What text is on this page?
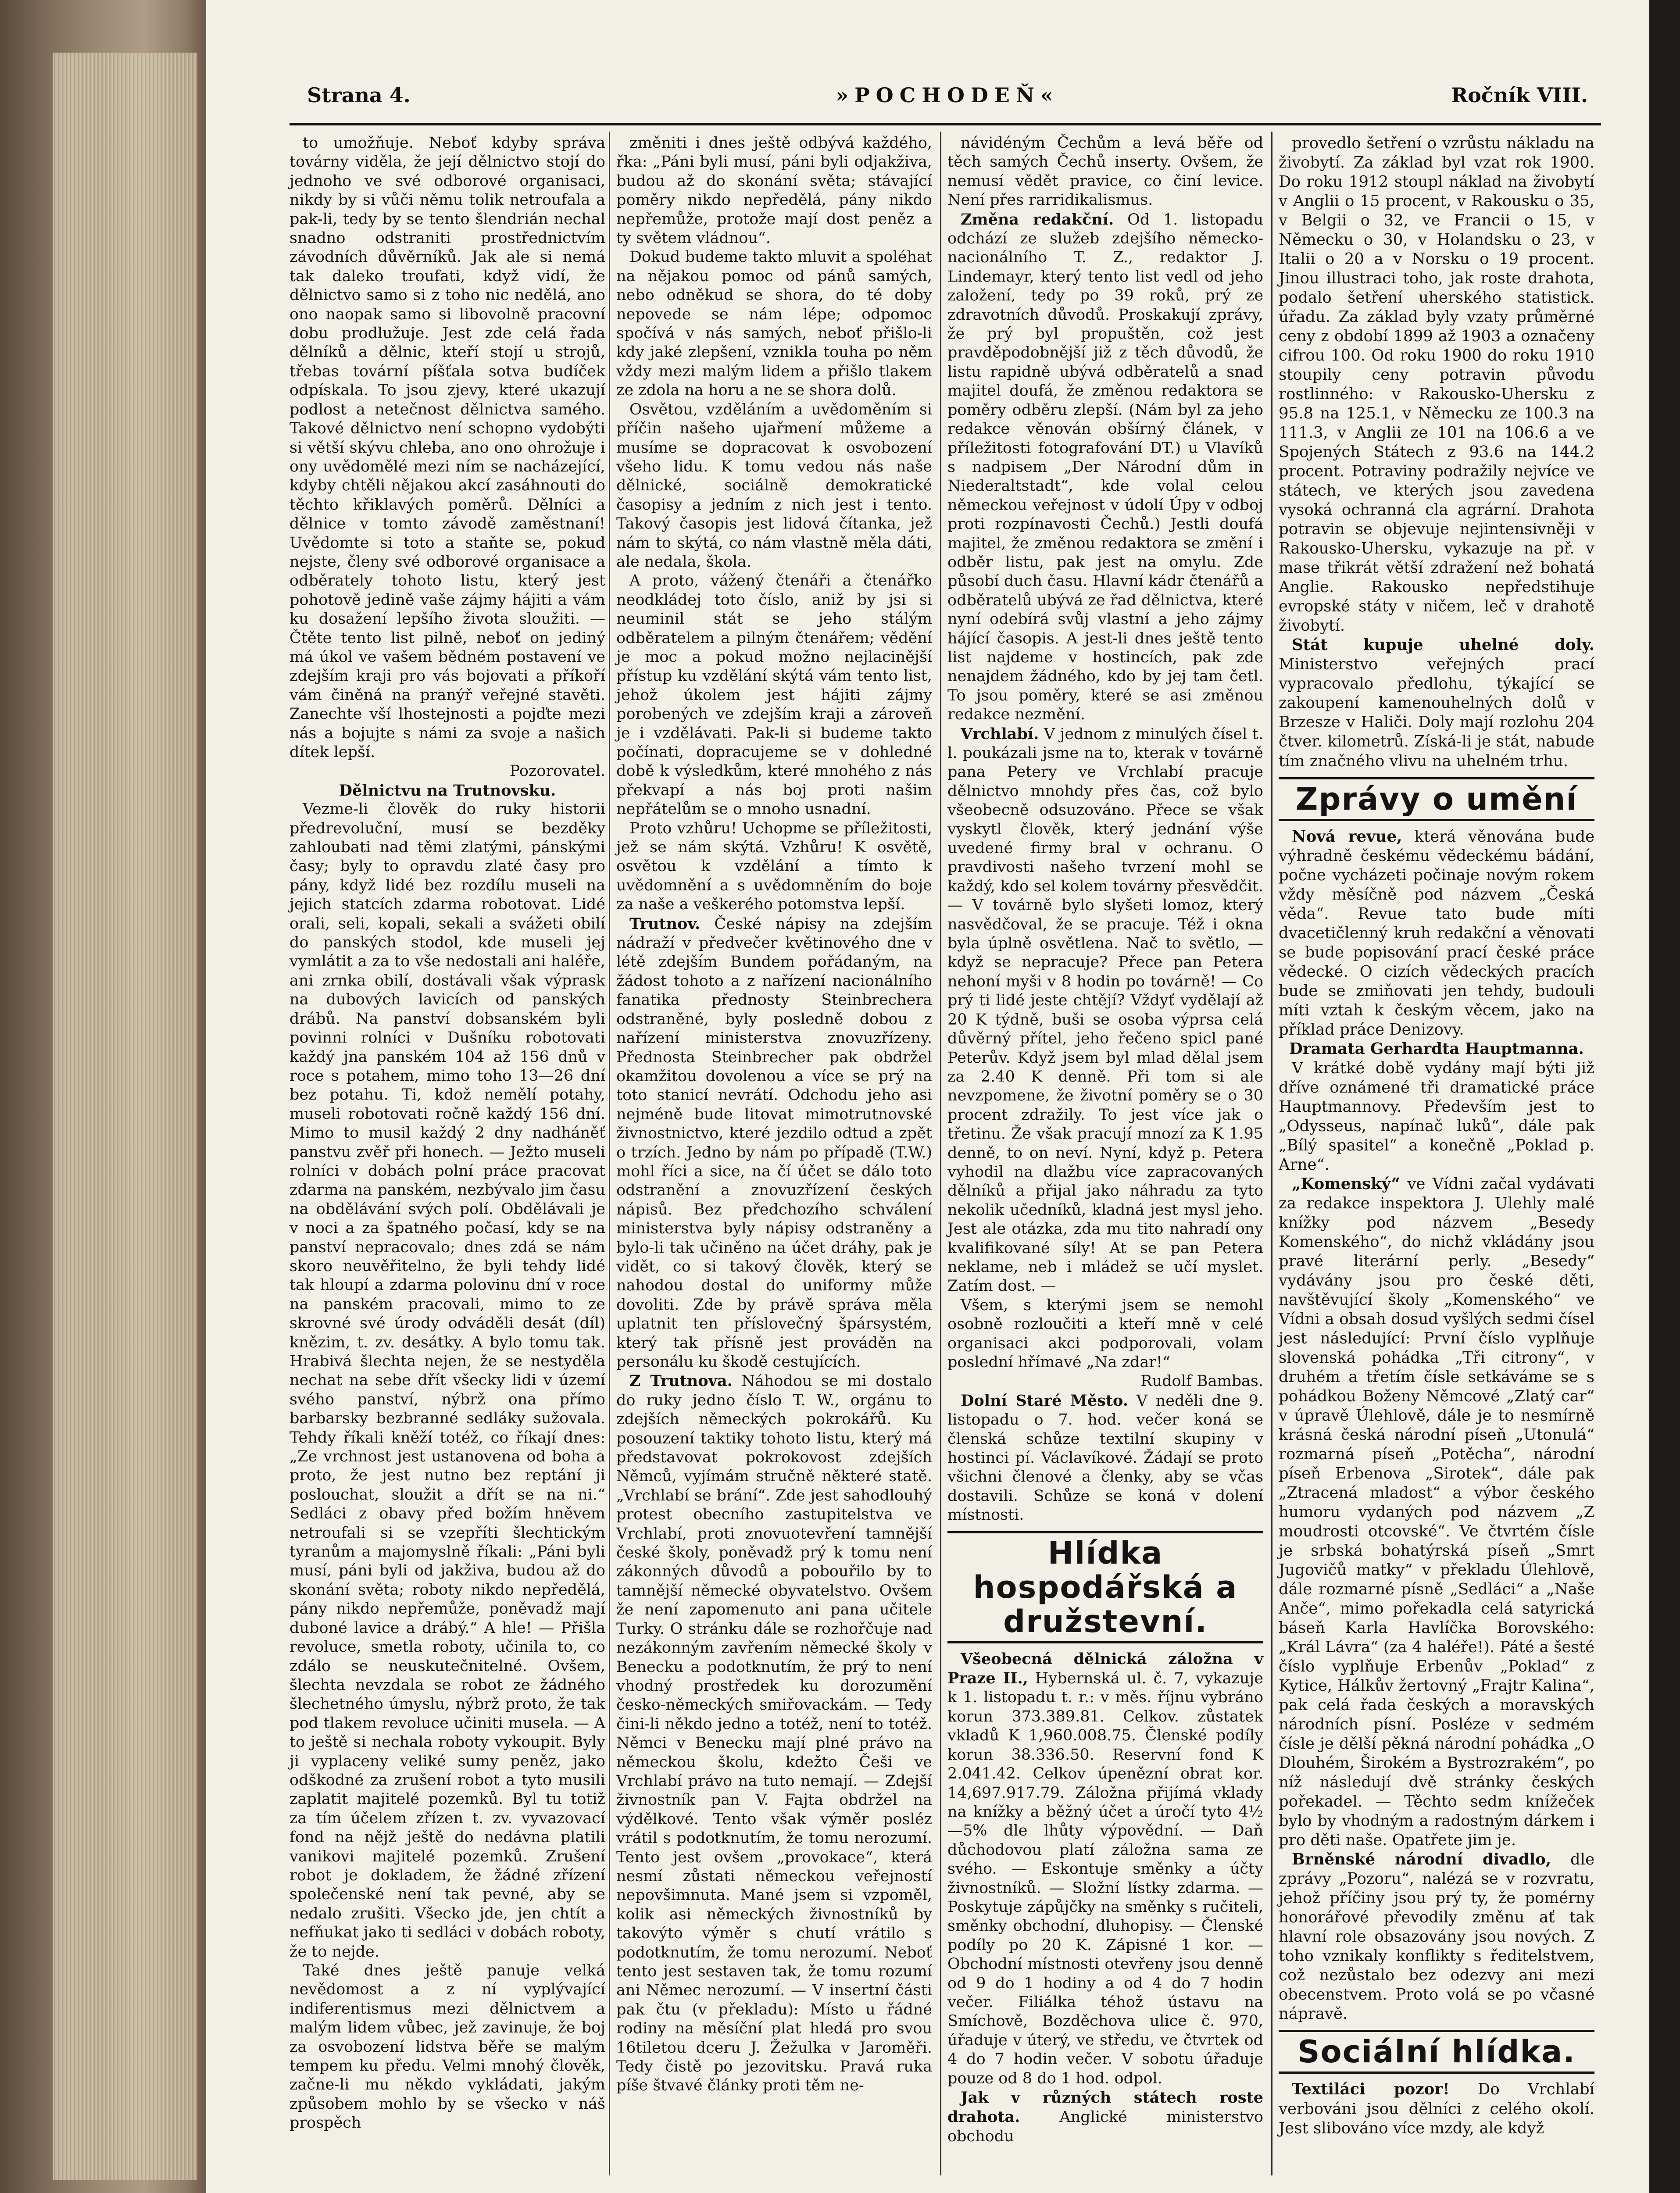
Strana 4.	»POCHODEŇ«	Ročník VIII.

to umožňuje. Neboť kdyby správa továrny viděla, že její dělnictvo stojí do jednoho ve své odborové organisaci, nikdy by si vůči němu tolik netroufala a pak-li, tedy by se tento šlendrián nechal snadno odstraniti prostřednictvím závodních důvěrníků. Jak ale si nemá tak daleko troufati, když vidí, že dělnictvo samo si z toho nic nedělá, ano ono naopak samo si libovolně pracovní dobu prodlužuje. Jest zde celá řada dělníků a dělnic, kteří stojí u strojů, třebas tovární píšťala sotva budíček odpískala. To jsou zjevy, které ukazují podlost a netečnost dělnictva samého. Takové dělnictvo není schopno vydobýti si větší skývu chleba, ano ono ohrožuje i ony uvědomělé mezi ním se nacházející, kdyby chtěli nějakou akcí zasáhnouti do těchto křiklavých poměrů. Dělníci a dělnice v tomto závodě zaměstnaní! Uvědomte si toto a staňte se, pokud nejste, členy své odborové organisace a odběrately tohoto listu, který jest pohotově jedině vaše zájmy hájiti a vám ku dosažení lepšího života sloužiti. — Čtěte tento list pilně, neboť on jediný má úkol ve vašem bědném postavení ve zdejším kraji pro vás bojovati a příkoří vám činěná na pranýř veřejné stavěti. Zanechte vší lhostejnosti a pojďte mezi nás a bojujte s námi za svoje a našich dítek lepší.

Pozorovatel.

Dělnictvu na Trutnovsku.

Vezme-li člověk do ruky historii předrevoluční, musí se bezděky zahloubati nad těmi zlatými, pánskými časy; byly to opravdu zlaté časy pro pány, když lidé bez rozdílu museli na jejich statcích zdarma robotovat. Lidé orali, seli, kopali, sekali a svážeti obilí do panských stodol, kde museli jej vymlátit a za to vše nedostali ani haléře, ani zrnka obilí, dostávali však výprask na dubových lavicích od panských drábů. Na panství dobsanském byli povinni rolníci v Dušníku robotovati každý jna panském 104 až 156 dnů v roce s potahem, mimo toho 13—26 dní bez potahu. Ti, kdož nemělí potahy, museli robotovati ročně každý 156 dní. Mimo to musil každý 2 dny nadháněť panstvu zvěř při honech. — Ježto museli rolníci v dobách polní práce pracovat zdarma na panském, nezbývalo jim času na obdělávání svých polí. Obdělávali je v noci a za špatného počasí, kdy se na panství nepracovalo; dnes zdá se nám skoro neuvěřitelno, že byli tehdy lidé tak hloupí a zdarma polovinu dní v roce na panském pracovali, mimo to ze skrovné své úrody odváděli desát (díl) knězim, t. zv. desátky. A bylo tomu tak. Hrabivá šlechta nejen, že se nestyděla nechat na sebe dřít všecky lidi v území svého panství, nýbrž ona přímo barbarsky bezbranné sedláky sužovala. Tehdy říkali kněží totéž, co říkají dnes: „Ze vrchnost jest ustanovena od boha a proto, že jest nutno bez reptání ji poslouchat, sloužit a dřít se na ni.“ Sedláci z obavy před božím hněvem netroufali si se vzepříti šlechtickým tyranům a majomyslně říkali: „Páni byli musí, páni byli od jakživa, budou až do skonání světa; roboty nikdo nepředělá, pány nikdo nepřemůže, poněvadž mají duboné lavice a drábý.“ A hle! — Přišla revoluce, smetla roboty, učinila to, co zdálo se neuskutečnitelné. Ovšem, šlechta nevzdala se robot ze žádného šlechetného úmyslu, nýbrž proto, že tak pod tlakem revoluce učiniti musela. — A to ještě si nechala roboty vykoupit. Byly ji vyplaceny veliké sumy peněz, jako odškodné za zrušení robot a tyto musili zaplatit majitelé pozemků. Byl tu totiž za tím účelem zřízen t. zv. vyvazovací fond na nějž ještě do nedávna platili vanikovi majitelé pozemků. Zrušení robot je dokladem, že žádné zřízení společenské není tak pevné, aby se nedalo zrušiti. Všecko jde, jen chtít a nefňukat jako ti sedláci v dobách roboty, že to nejde.

Také dnes ještě panuje velká nevědomost a z ní vyplývající indiferentismus mezi dělnictvem a malým lidem vůbec, jež zavinuje, že boj za osvobození lidstva běře se malým tempem ku předu. Velmi mnohý člověk, začne-li mu někdo vykládati, jakým způsobem mohlo by se všecko v náš prospěch

změniti i dnes ještě odbývá každého, řka: „Páni byli musí, páni byli odjakživa, budou až do skonání světa; stávající poměry nikdo nepředělá, pány nikdo nepřemůže, protože mají dost peněz a ty světem vládnou“.

Dokud budeme takto mluvit a spoléhat na nějakou pomoc od pánů samých, nebo odněkud se shora, do té doby nepovede se nám lépe; odpomoc spočívá v nás samých, neboť přišlo-li kdy jaké zlepšení, vznikla touha po něm vždy mezi malým lidem a přišlo tlakem ze zdola na horu a ne se shora dolů.

Osvětou, vzděláním a uvědoměním si příčin našeho ujařmení můžeme a musíme se dopracovat k osvobození všeho lidu. K tomu vedou nás naše dělnické, sociálně demokratické časopisy a jedním z nich jest i tento. Takový časopis jest lidová čítanka, jež nám to skýtá, co nám vlastně měla dáti, ale nedala, škola.

A proto, vážený čtenáři a čtenářko neodkládej toto číslo, aniž by jsi si neuminil stát se jeho stálým odběratelem a pilným čtenářem; vědění je moc a pokud možno nejlacinější přístup ku vzdělání skýtá vám tento list, jehož úkolem jest hájiti zájmy porobených ve zdejším kraji a zároveň je i vzdělávati. Pak-li si budeme takto počínati, dopracujeme se v dohledné době k výsledkům, které mnohého z nás překvapí a nás boj proti našim nepřátelům se o mnoho usnadní.

Proto vzhůru! Uchopme se příležitosti, jež se nám skýtá. Vzhůru! K osvětě, osvětou k vzdělání a tímto k uvědomnění a s uvědomněním do boje za naše a veškerého potomstva lepší.

Trutnov. České nápisy na zdejším nádraží v předvečer květinového dne v létě zdejším Bundem pořádaným, na žádost tohoto a z nařízení nacionálního fanatika přednosty Steinbrechera odstraněné, byly posledně dobou z nařízení ministerstva znovuzřízeny. Přednosta Steinbrecher pak obdržel okamžitou dovolenou a více se prý na toto stanicí nevrátí. Odchodu jeho asi nejméně bude litovat mimotrutnovské živnostnictvo, které jezdilo odtud a zpět o trzích. Jedno by nám po případě (T.W.) mohl říci a sice, na čí účet se dálo toto odstranění a znovuzřízení českých nápisů. Bez předchozího schválení ministerstva byly nápisy odstraněny a bylo-li tak učiněno na účet dráhy, pak je vidět, co si takový člověk, který se nahodou dostal do uniformy může dovoliti. Zde by právě správa měla uplatnit ten příslovečný špársystém, který tak přísně jest prováděn na personálu ku škodě cestujících.

Z Trutnova. Náhodou se mi dostalo do ruky jedno číslo T. W., orgánu to zdejších německých pokrokářů. Ku posouzení taktiky tohoto listu, který má představovat pokrokovost zdejších Němců, vyjímám stručně některé statě. „Vrchlabí se brání“. Zde jest sahodlouhý protest obecního zastupitelstva ve Vrchlabí, proti znovuotevření tamnější české školy, poněvadž prý k tomu není zákonných důvodů a pobouřilo by to tamnější německé obyvatelstvo. Ovšem že není zapomenuto ani pana učitele Turky. O stránku dále se rozhořčuje nad nezákonným zavřením německé školy v Benecku a podotknutím, že prý to není vhodný prostředek ku dorozumění česko-německých smiřovackám. — Tedy čini-li někdo jedno a totéž, není to totéž. Němci v Benecku mají plné právo na německou školu, kdežto Češi ve Vrchlabí právo na tuto nemají. — Zdejší živnostník pan V. Fajta obdržel na výdělkové. Tento však výměr posléz vrátil s podotknutím, že tomu nerozumí. Tento jest ovšem „provokace“, která nesmí zůstati německou veřejností nepovšimnuta. Mané jsem si vzpoměl, kolik asi německých živnostníků by takovýto výměr s chutí vrátilo s podotknutím, že tomu nerozumí. Neboť tento jest sestaven tak, že tomu rozumí ani Němec nerozumí. — V insertní části pak čtu (v překladu): Místo u řádné rodiny na měsíční plat hledá pro svou 16tiletou dceru J. Žežulka v Jaroměři. Tedy čistě po jezovitsku. Pravá ruka píše štvavé články proti těm ne-

návidéným Čechům a levá běře od těch samých Čechů inserty. Ovšem, že nemusí vědět pravice, co činí levice. Není přes rarridikalismus.

Změna redakční. Od 1. listopadu odchází ze služeb zdejšího německo-nacionálního T. Z., redaktor J. Lindemayr, který tento list vedl od jeho založení, tedy po 39 roků, prý ze zdravotních důvodů. Proskakují zprávy, že prý byl propuštěn, což jest pravděpodobnější již z těch důvodů, že listu rapidně ubývá odběratelů a snad majitel doufá, že změnou redaktora se poměry odběru zlepší. (Nám byl za jeho redakce věnován obšírný článek, v příležitosti fotografování DT.) u Vlavíků s nadpisem „Der Národní dům in Niederaltstadt“, kde volal celou německou veřejnost v údolí Úpy v odboj proti rozpínavosti Čechů.) Jestli doufá majitel, že změnou redaktora se změní i odběr listu, pak jest na omylu. Zde působí duch času. Hlavní kádr čtenářů a odběratelů ubývá ze řad dělnictva, které nyní odebírá svůj vlastní a jeho zájmy hájící časopis. A jest-li dnes ještě tento list najdeme v hostincích, pak zde nenajdem žádného, kdo by jej tam četl. To jsou poměry, které se asi změnou redakce nezmění.

Vrchlabí. V jednom z minulých čísel t. l. poukázali jsme na to, kterak v továrně pana Petery ve Vrchlabí pracuje dělnictvo mnohdy přes čas, což bylo všeobecně odsuzováno. Přece se však vyskytl člověk, který jednání výše uvedené firmy bral v ochranu. O pravdivosti našeho tvrzení mohl se každý, kdo sel kolem továrny přesvědčit. — V továrně bylo slyšeti lomoz, který nasvědčoval, že se pracuje. Též i okna byla úplně osvětlena. Nač to světlo, — když se nepracuje? Přece pan Petera nehoní myši v 8 hodin po továrně! — Co prý ti lidé jeste chtějí? Vždyť vydělají až 20 K týdně, buši se osoba výprsa celá důvěrný přítel, jeho řečeno spicl pané Peterův. Když jsem byl mlad dělal jsem za 2.40 K denně. Při tom si ale nevzpomene, že životní poměry se o 30 procent zdražily. To jest více jak o třetinu. Že však pracují mnozí za K 1.95 denně, to on neví. Nyní, když p. Petera vyhodil na dlažbu více zapracovaných dělníků a přijal jako náhradu za tyto nekolik učedníků, kladná jest mysl jeho. Jest ale otázka, zda mu tito nahradí ony kvalifikované síly! At se pan Petera neklame, neb i mládež se učí myslet. Zatím dost. —

Všem, s kterými jsem se nemohl osobně rozloučiti a kteří mně v celé organisaci akci podporovali, volam poslední hřímavé „Na zdar!“

Rudolf Bambas.

Dolní Staré Město. V neděli dne 9. listopadu o 7. hod. večer koná se členská schůze textilní skupiny v hostinci pí. Václavíkové. Žádají se proto všichni členové a členky, aby se včas dostavili. Schůze se koná v dolení místnosti.

Hlídka hospodářská a družstevní.

Všeobecná dělnická záložna v Praze II., Hybernská ul. č. 7, vykazuje k 1. listopadu t. r.: v měs. říjnu vybráno korun 373.389.81. Celkov. zůstatek vkladů K 1,960.008.75. Členské podíly korun 38.336.50. Reservní fond K 2.041.42. Celkov úpenězní obrat kor. 14,697.917.79. Záložna přijímá vklady na knížky a běžný účet a úročí tyto 4½—5% dle lhůty výpovědní. — Daň důchodovou platí záložna sama ze svého. — Eskontuje směnky a účty živnostníků. — Složní lístky zdarma. — Poskytuje zápůjčky na směnky s ručiteli, směnky obchodní, dluhopisy. — Členské podíly po 20 K. Zápisné 1 kor. — Obchodní místnosti otevřeny jsou denně od 9 do 1 hodiny a od 4 do 7 hodin večer. Filiálka téhož ústavu na Smíchově, Bozděchova ulice č. 970, úřaduje v úterý, ve středu, ve čtvrtek od 4 do 7 hodin večer. V sobotu úřaduje pouze od 8 do 1 hod. odpol.

Jak v různých státech roste drahota.	Anglické ministerstvo obchodu

provedlo šetření o vzrůstu nákladu na živobytí. Za základ byl vzat rok 1900. Do roku 1912 stoupl náklad na živobytí v Anglii o 15 procent, v Rakousku o 35, v Belgii o 32, ve Francii o 15, v Německu o 30, v Holandsku o 23, v Italii o 20 a v Norsku o 19 procent. Jinou illustraci toho, jak roste drahota, podalo šetření uherského statistick. úřadu. Za základ byly vzaty průměrné ceny z období 1899 až 1903 a označeny cifrou 100. Od roku 1900 do roku 1910 stoupily ceny potravin původu rostlinného: v Rakousko-Uhersku z 95.8 na 125.1, v Německu ze 100.3 na 111.3, v Anglii ze 101 na 106.6 a ve Spojených Státech z 93.6 na 144.2 procent. Potraviny podražily nejvíce ve státech, ve kterých jsou zavedena vysoká ochranná cla agrární. Drahota potravin se objevuje nejintensivněji v Rakousko-Uhersku, vykazuje na př. v mase třikrát větší zdražení než bohatá Anglie. Rakousko nepředstihuje evropské státy v ničem, leč v drahotě živobytí.

Stát kupuje uhelné doly. Ministerstvo veřejných prací vypracovalo předlohu, týkající se zakoupení kamenouhelných dolů v Brzesze v Haliči. Doly mají rozlohu 204 čtver. kilometrů. Získá-li je stát, nabude tím značného vlivu na uhelném trhu.

Zprávy o umění

Nová revue, která věnována bude výhradně českému vědeckému bádání, počne vycházeti počinaje novým rokem vždy měsíčně pod názvem „Česká věda“. Revue tato bude míti dvacetičlenný kruh redakční a věnovati se bude popisování prací české práce vědecké. O cizích vědeckých pracích bude se zmiňovati jen tehdy, budouli míti vztah k českým věcem, jako na příklad práce Denizovy.

Dramata Gerhardta Hauptmanna.

V krátké době vydány mají býti již dříve oznámené tři dramatické práce Hauptmannovy. Především jest to „Odysseus, napínač luků“, dále pak „Bílý spasitel“ a konečně „Poklad p. Arne“.

„Komenský“ ve Vídni začal vydávati za redakce inspektora J. Ulehly malé knížky pod názvem „Besedy Komenského“, do nichž vkládány jsou pravé literární perly. „Besedy“ vydávány jsou pro české děti, navštěvující školy „Komenského“ ve Vídni a obsah dosud vyšlých sedmi čísel jest následující: První číslo vyplňuje slovenská pohádka „Tři citrony“, v druhém a třetím čísle setkáváme se s pohádkou Boženy Němcové „Zlatý car“ v úpravě Úlehlově, dále je to nesmírně krásná česká národní píseň „Utonulá“ rozmarná píseň „Potěcha“, národní píseň Erbenova „Sirotek“, dále pak „Ztracená mladost“ a výbor českého humoru vydaných pod názvem „Z moudrosti otcovské“. Ve čtvrtém čísle je srbská bohatýrská píseň „Smrt Jugovičů matky“ v překladu Úlehlově, dále rozmarné písně „Sedláci“ a „Naše Anče“, mimo pořekadla celá satyrická báseň Karla Havlíčka Borovského: „Král Lávra“ (za 4 haléře!). Páté a šesté číslo vyplňuje Erbenův „Poklad“ z Kytice, Hálkův žertovný „Frajtr Kalina“, pak celá řada českých a moravských národních písní. Posléze v sedmém čísle je dělší pěkná národní pohádka „O Dlouhém, Širokém a Bystrozrakém“, po níž následují dvě stránky českých pořekadel. — Těchto sedm knížeček bylo by vhodným a radostným dárkem i pro děti naše. Opatřete jim je.

Brněnské národní divadlo, dle zprávy „Pozoru“, nalézá se v rozvratu, jehož příčiny jsou prý ty, že pomérny honorářové převodily změnu ať tak hlavní role obsazovány jsou nových. Z toho vznikaly konflikty s ředitelstvem, což nezůstalo bez odezvy ani mezi obecenstvem. Proto volá se po včasné nápravě.

Sociální hlídka.

Textiláci pozor! Do Vrchlabí verbováni jsou dělníci z celého okolí. Jest slibováno více mzdy, ale když
